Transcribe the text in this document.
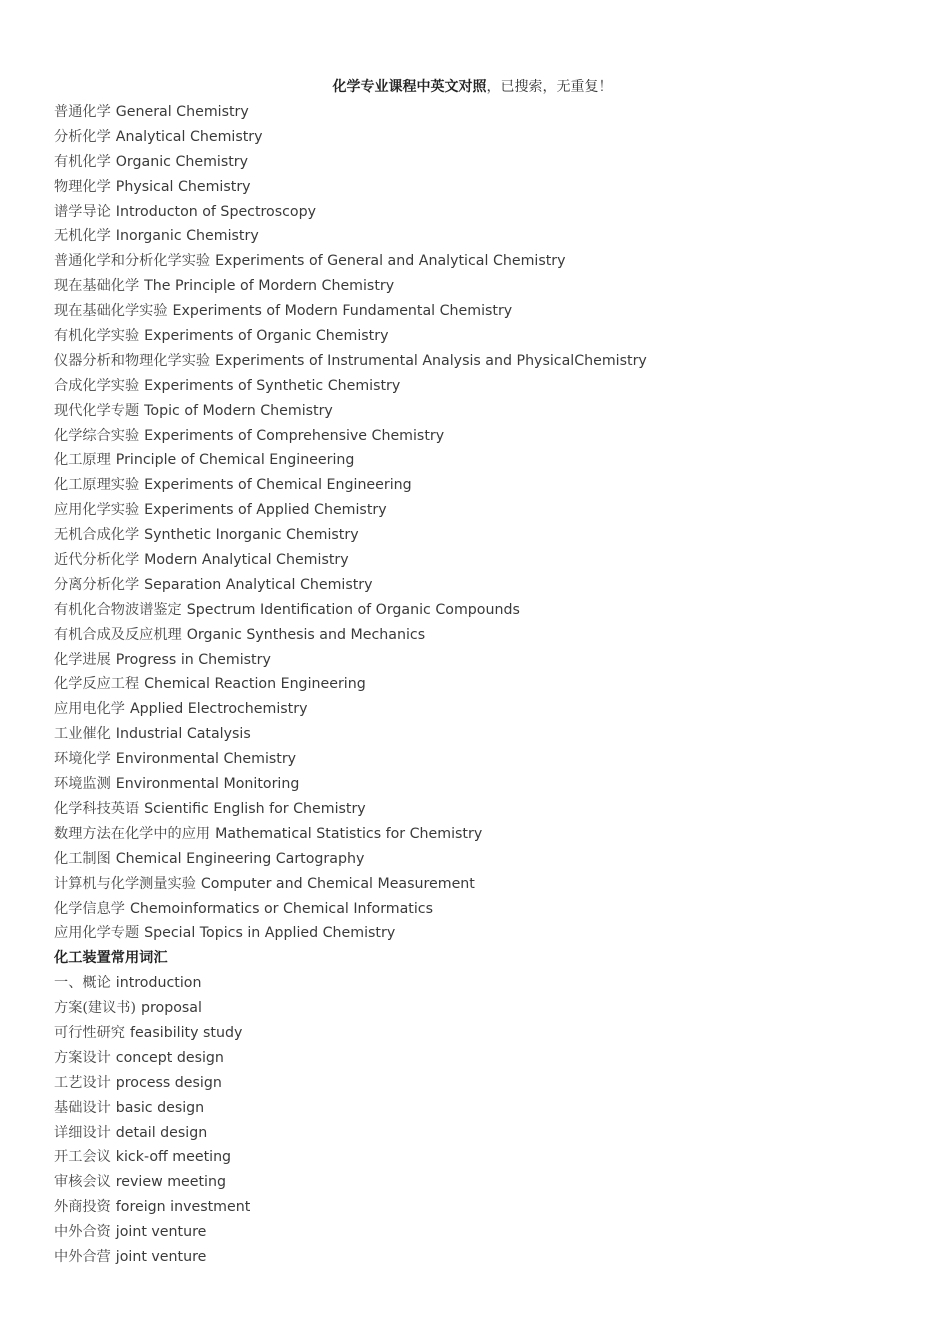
化学专业课程中英文对照，已搜索，无重复！
普通化学 General Chemistry
分析化学 Analytical Chemistry
有机化学 Organic Chemistry
物理化学 Physical Chemistry
谱学导论 Introducton of Spectroscopy
无机化学 Inorganic Chemistry
普通化学和分析化学实验 Experiments of General and Analytical Chemistry
现在基础化学 The Principle of Mordern Chemistry
现在基础化学实验 Experiments of Modern Fundamental Chemistry
有机化学实验 Experiments of Organic Chemistry
仪器分析和物理化学实验 Experiments of Instrumental Analysis and PhysicalChemistry
合成化学实验 Experiments of Synthetic Chemistry
现代化学专题 Topic of Modern Chemistry
化学综合实验 Experiments of Comprehensive Chemistry
化工原理 Principle of Chemical Engineering
化工原理实验 Experiments of Chemical Engineering
应用化学实验 Experiments of Applied Chemistry
无机合成化学 Synthetic Inorganic Chemistry
近代分析化学 Modern Analytical Chemistry
分离分析化学 Separation Analytical Chemistry
有机化合物波谱鉴定 Spectrum Identification of Organic Compounds
有机合成及反应机理 Organic Synthesis and Mechanics
化学进展 Progress in Chemistry
化学反应工程 Chemical Reaction Engineering
应用电化学 Applied Electrochemistry
工业催化 Industrial Catalysis
环境化学 Environmental Chemistry
环境监测 Environmental Monitoring
化学科技英语 Scientific English for Chemistry
数理方法在化学中的应用 Mathematical Statistics for Chemistry
化工制图 Chemical Engineering Cartography
计算机与化学测量实验 Computer and Chemical Measurement
化学信息学 Chemoinformatics or Chemical Informatics
应用化学专题 Special Topics in Applied Chemistry
化工装置常用词汇
一、概论 introduction
方案(建议书) proposal
可行性研究 feasibility study
方案设计 concept design
工艺设计 process design
基础设计 basic design
详细设计 detail design
开工会议 kick-off meeting
审核会议 review meeting
外商投资 foreign investment
中外合资 joint venture
中外合营 joint venture
